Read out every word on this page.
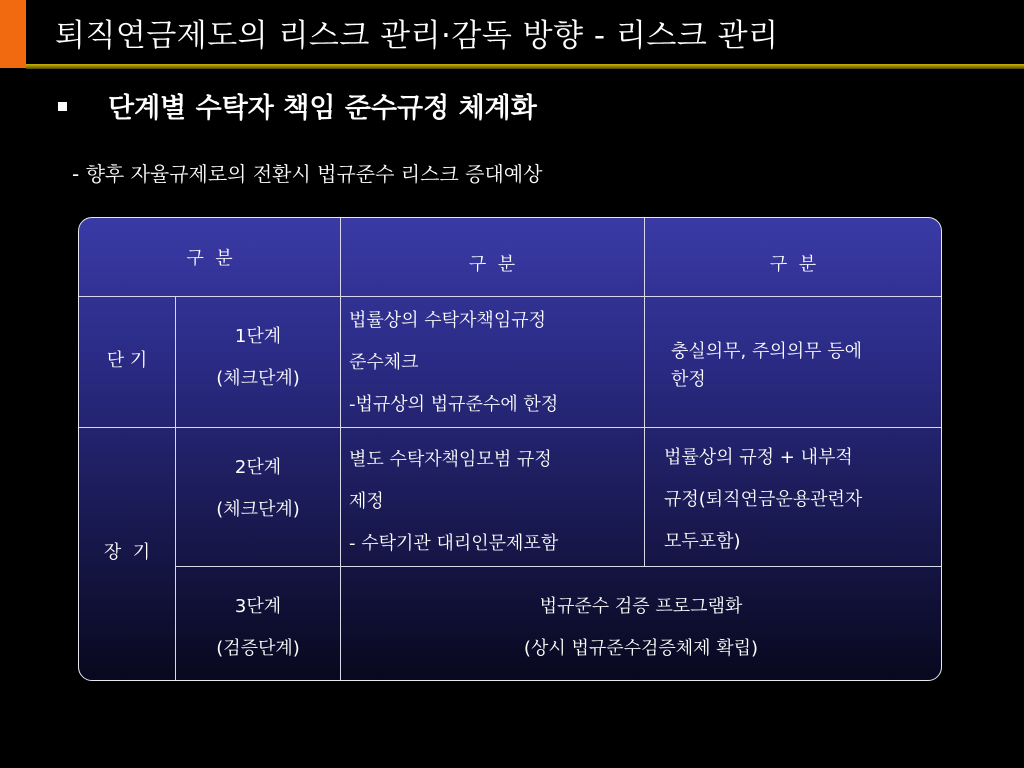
퇴직연금제도의 리스크 관리·감독 방향 - 리스크 관리
단계별 수탁자 책임 준수규정 체계화
- 향후 자율규제로의 전환시 법규준수 리스크 증대예상
구  분	구  분	구  분
단 기
장  기
1단계
(체크단계)
법률상의 수탁자책임규정
준수체크
-법규상의 법규준수에 한정
충실의무, 주의의무 등에
한정
2단계
(체크단계)
별도 수탁자책임모범 규정
제정
- 수탁기관 대리인문제포함
법률상의 규정 + 내부적
규정(퇴직연금운용관련자
모두포함)
3단계
(검증단계)
법규준수 검증 프로그램화
(상시 법규준수검증체제 확립)
